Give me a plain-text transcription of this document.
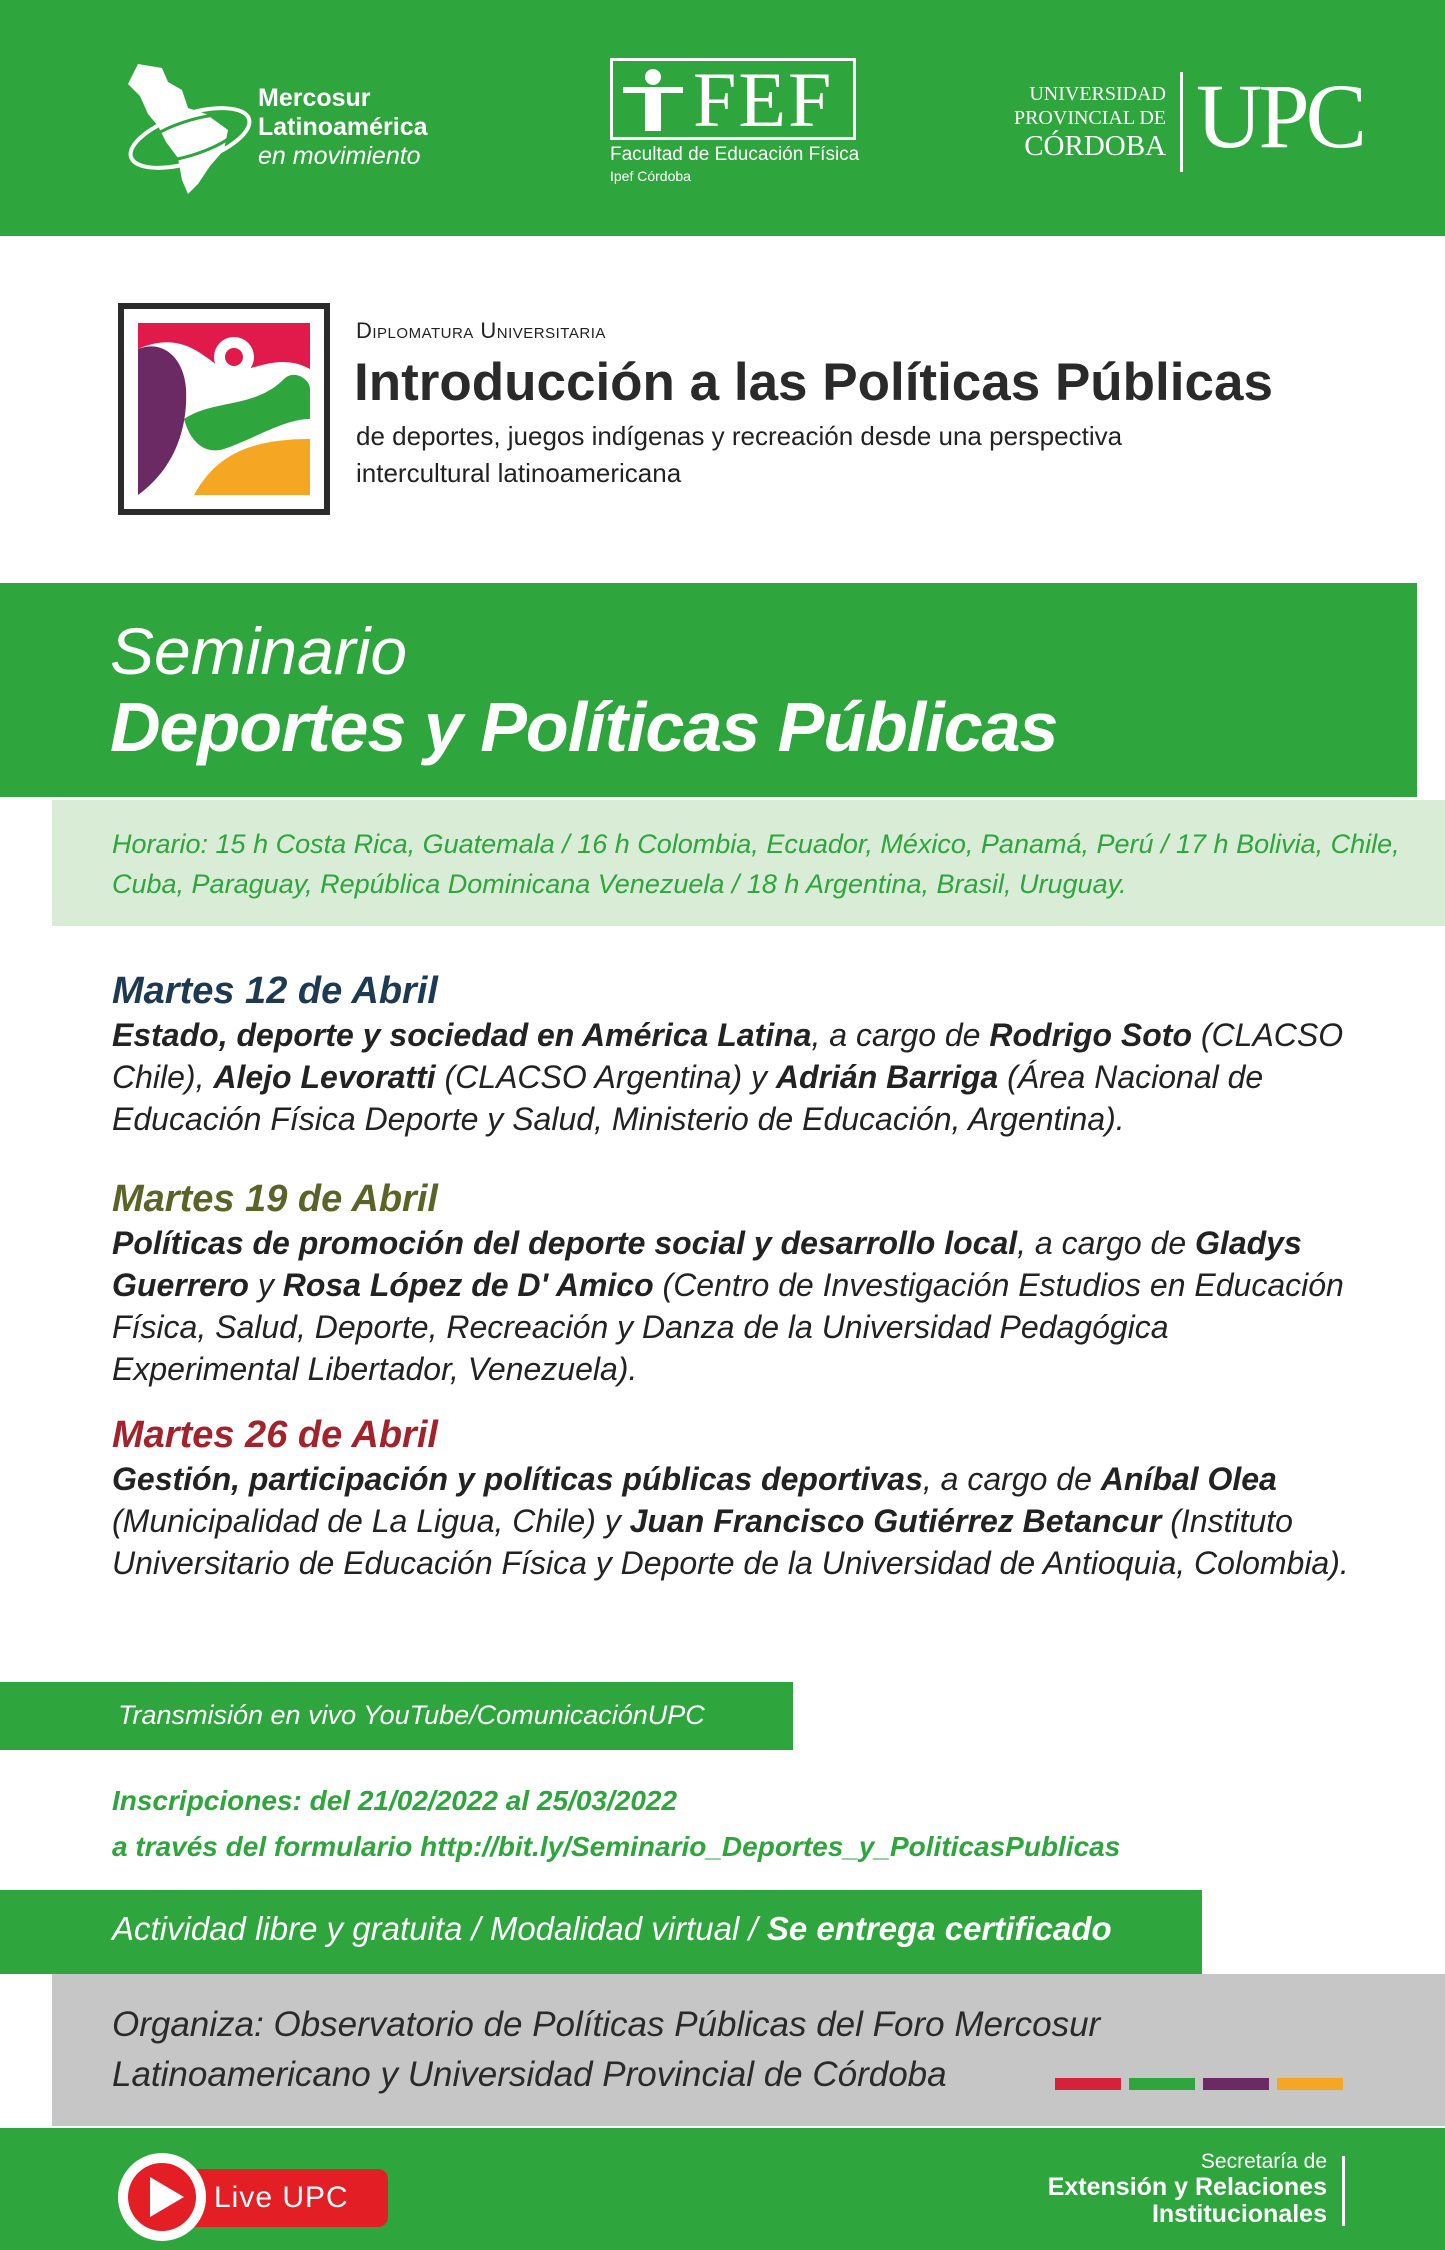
Mercosur
Latinoamérica
en movimiento
FEF
Facultad de Educación Física
Ipef Córdoba
UNIVERSIDAD
PROVINCIAL DE
CÓRDOBA UPC
Diplomatura Universitaria
Introducción a las Políticas Públicas
de deportes, juegos indígenas y recreación desde una perspectiva intercultural latinoamericana
Seminario
Deportes y Políticas Públicas
Horario: 15 h Costa Rica, Guatemala / 16 h Colombia, Ecuador, México, Panamá, Perú / 17 h Bolivia, Chile, Cuba, Paraguay, República Dominicana Venezuela / 18 h Argentina, Brasil, Uruguay.
Martes 12 de Abril

Estado, deporte y sociedad en América Latina, a cargo de Rodrigo Soto (CLACSO Chile), Alejo Levoratti (CLACSO Argentina) y Adrián Barriga (Área Nacional de Educación Física Deporte y Salud, Ministerio de Educación, Argentina).

Martes 19 de Abril

Políticas de promoción del deporte social y desarrollo local, a cargo de Gladys Guerrero y Rosa López de D' Amico (Centro de Investigación Estudios en Educación Física, Salud, Deporte, Recreación y Danza de la Universidad Pedagógica Experimental Libertador, Venezuela).

Martes 26 de Abril

Gestión, participación y políticas públicas deportivas, a cargo de Aníbal Olea (Municipalidad de La Ligua, Chile) y Juan Francisco Gutiérrez Betancur (Instituto Universitario de Educación Física y Deporte de la Universidad de Antioquia, Colombia).

Transmisión en vivo YouTube/ComunicaciónUPC
Inscripciones: del 21/02/2022 al 25/03/2022
a través del formulario http://bit.ly/Seminario_Deportes_y_PoliticasPublicas
Actividad libre y gratuita / Modalidad virtual / Se entrega certificado
Organiza: Observatorio de Políticas Públicas del Foro Mercosur
Latinoamericano y Universidad Provincial de Córdoba
Live UPC
Secretaría de
Extensión y Relaciones
Institucionales
